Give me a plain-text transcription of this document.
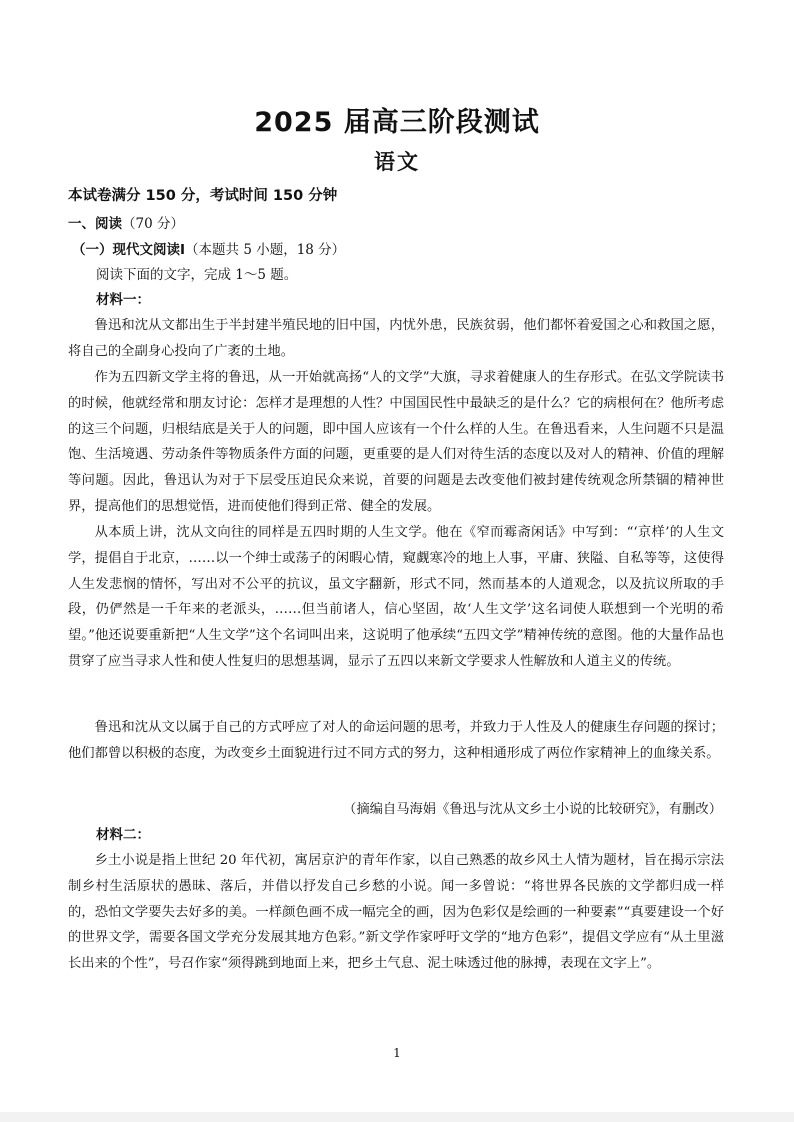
2025 届高三阶段测试
语文
本试卷满分 150 分，考试时间 150 分钟
一、阅读（70 分）
（一）现代文阅读Ⅰ（本题共 5 小题，18 分）
阅读下面的文字，完成 1～5 题。
材料一：

鲁迅和沈从文都出生于半封建半殖民地的旧中国，内忧外患，民族贫弱，他们都怀着爱国之心和救国之愿，将自己的全副身心投向了广袤的土地。

作为五四新文学主将的鲁迅，从一开始就高扬“人的文学”大旗，寻求着健康人的生存形式。在弘文学院读书的时候，他就经常和朋友讨论：怎样才是理想的人性？中国国民性中最缺乏的是什么？它的病根何在？他所考虑的这三个问题，归根结底是关于人的问题，即中国人应该有一个什么样的人生。在鲁迅看来，人生问题不只是温饱、生活境遇、劳动条件等物质条件方面的问题，更重要的是人们对待生活的态度以及对人的精神、价值的理解等问题。因此，鲁迅认为对于下层受压迫民众来说，首要的问题是去改变他们被封建传统观念所禁锢的精神世界，提高他们的思想觉悟，进而使他们得到正常、健全的发展。

从本质上讲，沈从文向往的同样是五四时期的人生文学。他在《窄而霉斋闲话》中写到：“‘京样’的人生文学，提倡自于北京，……以一个绅士或荡子的闲暇心情，窥觑寒冷的地上人事，平庸、狭隘、自私等等，这使得人生发悲悯的情怀，写出对不公平的抗议，虽文字翻新，形式不同，然而基本的人道观念，以及抗议所取的手段，仍俨然是一千年来的老派头，……但当前诸人，信心坚固，故‘人生文学’这名词使人联想到一个光明的希望。”他还说要重新把“人生文学”这个名词叫出来，这说明了他承续“五四文学”精神传统的意图。他的大量作品也贯穿了应当寻求人性和使人性复归的思想基调，显示了五四以来新文学要求人性解放和人道主义的传统。

鲁迅和沈从文以属于自己的方式呼应了对人的命运问题的思考，并致力于人性及人的健康生存问题的探讨；他们都曾以积极的态度，为改变乡土面貌进行过不同方式的努力，这种相通形成了两位作家精神上的血缘关系。

（摘编自马海娟《鲁迅与沈从文乡土小说的比较研究》，有删改）
材料二：

乡土小说是指上世纪 20 年代初，寓居京沪的青年作家，以自己熟悉的故乡风土人情为题材，旨在揭示宗法制乡村生活原状的愚昧、落后，并借以抒发自己乡愁的小说。闻一多曾说：“将世界各民族的文学都归成一样的，恐怕文学要失去好多的美。一样颜色画不成一幅完全的画，因为色彩仅是绘画的一种要素”“真要建设一个好的世界文学，需要各国文学充分发展其地方色彩。”新文学作家呼吁文学的“地方色彩”，提倡文学应有“从土里滋长出来的个性”，号召作家“须得跳到地面上来，把乡土气息、泥土味透过他的脉搏，表现在文字上”。

1
